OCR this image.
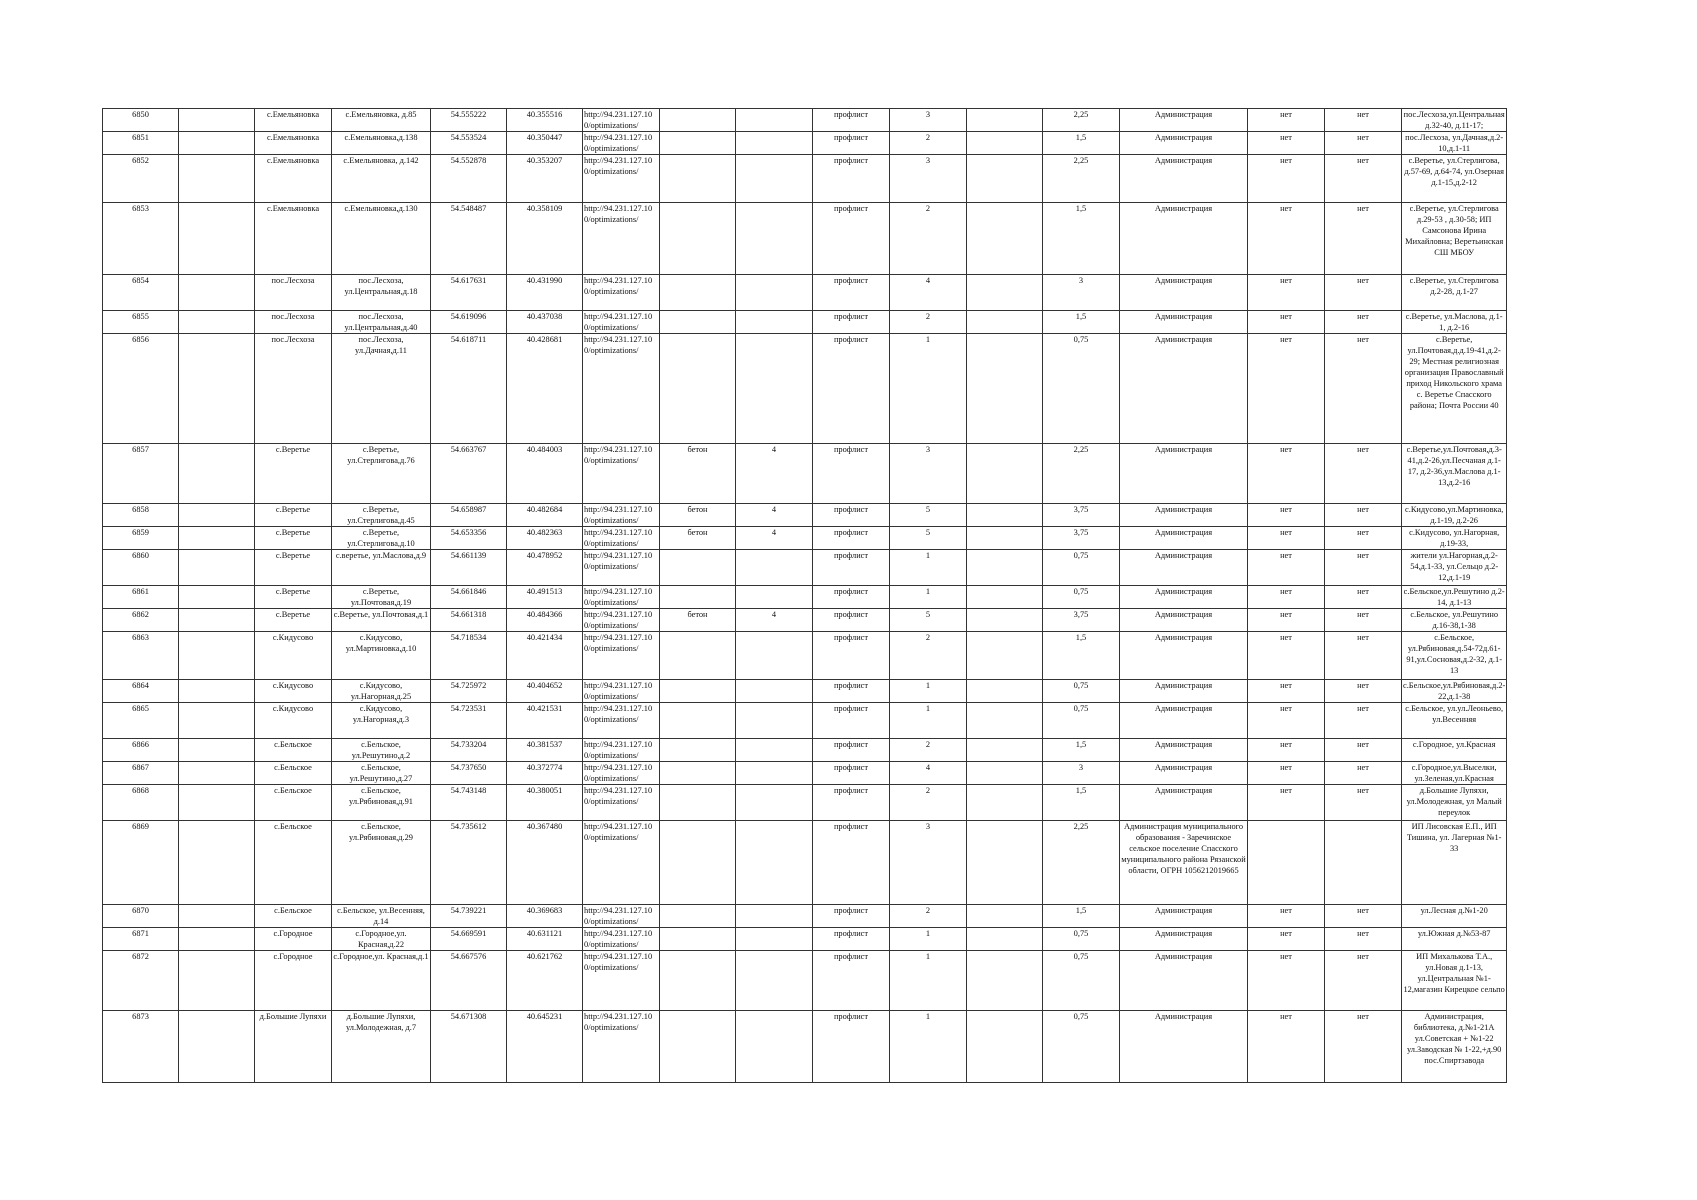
6850		с.Емельяновка	с.Емельяновка, д.85	54.555222	40.355516	http://94.231.127.100/optimizations/			профлист	3		2,25	Администрация	нет	нет	пос.Лесхоза,ул.Центральная д.32-40, д.11-17;
6851		с.Емельяновка	с.Емельяновка,д.138	54.553524	40.350447	http://94.231.127.100/optimizations/			профлист	2		1,5	Администрация	нет	нет	пос.Лесхоза, ул.Дачная,д.2-10,д.1-11
6852		с.Емельяновка	с.Емельяновка, д.142	54.552878	40.353207	http://94.231.127.100/optimizations/			профлист	3		2,25	Администрация	нет	нет	с.Веретье, ул.Стерлигова, д.57-69, д.64-74, ул.Озерная д.1-15,д.2-12
6853		с.Емельяновка	с.Емельяновка,д.130	54.548487	40.358109	http://94.231.127.100/optimizations/			профлист	2		1,5	Администрация	нет	нет	с.Веретье, ул.Стерлигова д.29-53 , д.30-58; ИП Самсонова Ирина Михайловна; Веретьинская СШ МБОУ
6854		пос.Лесхоза	пос.Лесхоза, ул.Центральная,д.18	54.617631	40.431990	http://94.231.127.100/optimizations/			профлист	4		3	Администрация	нет	нет	с.Веретье, ул.Стерлигова д.2-28, д.1-27
6855		пос.Лесхоза	пос.Лесхоза, ул.Центральная,д.40	54.619096	40.437038	http://94.231.127.100/optimizations/			профлист	2		1,5	Администрация	нет	нет	с.Веретье, ул.Маслова, д.1-1, д.2-16
6856		пос.Лесхоза	пос.Лесхоза, ул.Дачная,д.11	54.618711	40.428681	http://94.231.127.100/optimizations/			профлист	1		0,75	Администрация	нет	нет	с.Веретье, ул.Почтовая,д.д.19-41,д.2-29; Местная религиозная организация Православный приход Никольского храма с. Веретье Спасского района; Почта России 40
6857		с.Веретье	с.Веретье, ул.Стерлигова,д.76	54.663767	40.484003	http://94.231.127.100/optimizations/	бетон	4	профлист	3		2,25	Администрация	нет	нет	с.Веретье,ул.Почтовая,д.3-41,д.2-26,ул.Песчаная д.1-17, д.2-36,ул.Маслова д.1-13,д.2-16
6858		с.Веретье	с.Веретье, ул.Стерлигова,д.45	54.658987	40.482684	http://94.231.127.100/optimizations/	бетон	4	профлист	5		3,75	Администрация	нет	нет	с.Кидусово,ул.Мартиновка, д.1-19, д.2-26
6859		с.Веретье	с.Веретье, ул.Стерлигова,д.10	54.653356	40.482363	http://94.231.127.100/optimizations/	бетон	4	профлист	5		3,75	Администрация	нет	нет	с.Кидусово, ул.Нагорная, д.19-33,
6860		с.Веретье	с.веретье, ул.Маслова,д.9	54.661139	40.478952	http://94.231.127.100/optimizations/			профлист	1		0,75	Администрация	нет	нет	жители ул.Нагорная,д.2-54,д.1-33, ул.Сельцо д.2-12,д.1-19
6861		с.Веретье	с.Веретье, ул.Почтовая,д.19	54.661846	40.491513	http://94.231.127.100/optimizations/			профлист	1		0,75	Администрация	нет	нет	с.Бельское,ул.Решутино д.2-14, д.1-13
6862		с.Веретье	с.Веретье, ул.Почтовая,д.1	54.661318	40.484366	http://94.231.127.100/optimizations/	бетон	4	профлист	5		3,75	Администрация	нет	нет	с.Бельское, ул.Решутино д.16-38,1-38
6863		с.Кидусово	с.Кидусово, ул.Мартиновка,д.10	54.718534	40.421434	http://94.231.127.100/optimizations/			профлист	2		1,5	Администрация	нет	нет	с.Бельское, ул.Рябиновая,д.54-72д.61-91,ул.Сосновая,д.2-32, д.1-13
6864		с.Кидусово	с.Кидусово, ул.Нагорная,д.25	54.725972	40.404652	http://94.231.127.100/optimizations/			профлист	1		0,75	Администрация	нет	нет	с.Бельское,ул.Рябиновая,д.2-22,д.1-38
6865		с.Кидусово	с.Кидусово, ул.Нагорная,д.3	54.723531	40.421531	http://94.231.127.100/optimizations/			профлист	1		0,75	Администрация	нет	нет	с.Бельское, ул.ул.Леоньево, ул.Весенняя
6866		с.Бельское	с.Бельское, ул.Решутино,д.2	54.733204	40.381537	http://94.231.127.100/optimizations/			профлист	2		1,5	Администрация	нет	нет	с.Городное, ул.Красная
6867		с.Бельское	с.Бельское, ул.Решутино,д.27	54.737650	40.372774	http://94.231.127.100/optimizations/			профлист	4		3	Администрация	нет	нет	с.Городное,ул.Выселки, ул.Зеленая,ул.Красная
6868		с.Бельское	с.Бельское, ул.Рябиновая,д.91	54.743148	40.380051	http://94.231.127.100/optimizations/			профлист	2		1,5	Администрация	нет	нет	д.Большие Лупяхи, ул.Молодежная, ул Малый переулок
6869		с.Бельское	с.Бельское, ул.Рябиновая,д.29	54.735612	40.367480	http://94.231.127.100/optimizations/			профлист	3		2,25	Администрация муниципального образования - Заречинское сельское поселение Спасского муниципального района Рязанской области, ОГРН 1056212019665			ИП Лисовская Е.П., ИП Тишина, ул. Лагерная №1-33
6870		с.Бельское	с.Бельское, ул.Весенняя, д.14	54.739221	40.369683	http://94.231.127.100/optimizations/			профлист	2		1,5	Администрация	нет	нет	ул.Лесная д.№1-20
6871		с.Городное	с.Городное,ул. Красная,д.22	54.669591	40.631121	http://94.231.127.100/optimizations/			профлист	1		0,75	Администрация	нет	нет	ул.Южная д.№53-87
6872		с.Городное	с.Городное,ул. Красная,д.1	54.667576	40.621762	http://94.231.127.100/optimizations/			профлист	1		0,75	Администрация	нет	нет	ИП Михалькова Т.А., ул.Новая д.1-13, ул.Центральная №1-12,магазин Кирецкое сельпо
6873		д.Большие Лупяхи	д.Большие Лупяхи, ул.Молодежная, д.7	54.671308	40.645231	http://94.231.127.100/optimizations/			профлист	1		0,75	Администрация	нет	нет	Администрация, библиотека, д.№1-21А ул.Советская + №1-22 ул.Заводская № 1-22,+д.90 пос.Спиртзавода
